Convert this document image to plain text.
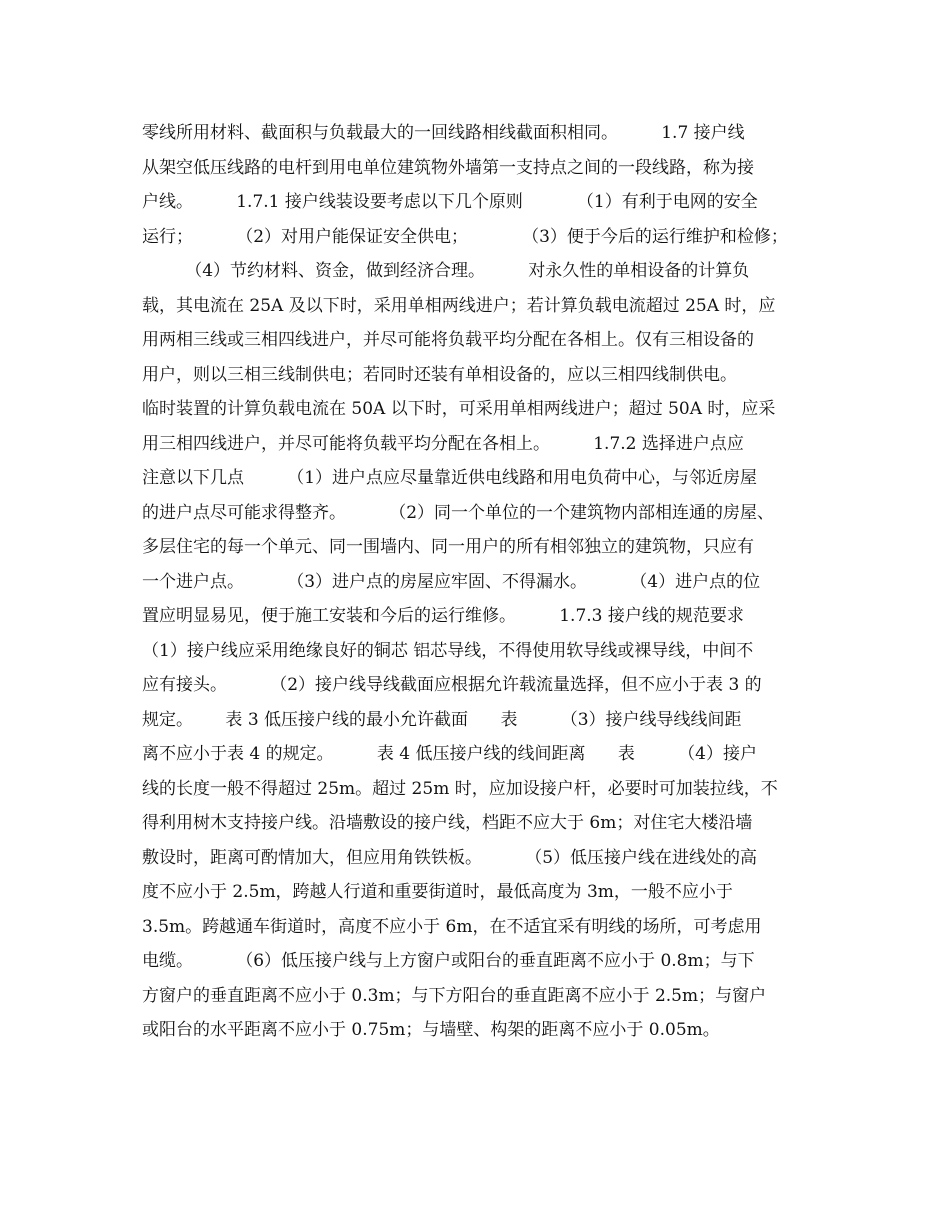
零线所用材料、截面积与负载最大的一回线路相线截面积相同。        1.7 接户线
从架空低压线路的电杆到用电单位建筑物外墙第一支持点之间的一段线路，称为接
户线。        1.7.1 接户线装设要考虑以下几个原则          （1）有利于电网的安全
运行；        （2）对用户能保证安全供电；          （3）便于今后的运行维护和检修；
（4）节约材料、资金，做到经济合理。        对永久性的单相设备的计算负
载，其电流在 25A 及以下时，采用单相两线进户；若计算负载电流超过 25A 时，应
用两相三线或三相四线进户，并尽可能将负载平均分配在各相上。仅有三相设备的
用户，则以三相三线制供电；若同时还装有单相设备的，应以三相四线制供电。
临时装置的计算负载电流在 50A 以下时，可采用单相两线进户；超过 50A 时，应采
用三相四线进户，并尽可能将负载平均分配在各相上。        1.7.2 选择进户点应
注意以下几点        （1）进户点应尽量靠近供电线路和用电负荷中心，与邻近房屋
的进户点尽可能求得整齐。        （2）同一个单位的一个建筑物内部相连通的房屋、
多层住宅的每一个单元、同一围墙内、同一用户的所有相邻独立的建筑物，只应有
一个进户点。        （3）进户点的房屋应牢固、不得漏水。        （4）进户点的位
置应明显易见，便于施工安装和今后的运行维修。        1.7.3 接户线的规范要求
（1）接户线应采用绝缘良好的铜芯 铝芯导线，不得使用软导线或裸导线，中间不
应有接头。        （2）接户线导线截面应根据允许载流量选择，但不应小于表 3 的
规定。      表 3 低压接户线的最小允许截面      表        （3）接户线导线线间距
离不应小于表 4 的规定。        表 4 低压接户线的线间距离      表        （4）接户
线的长度一般不得超过 25m。超过 25m 时，应加设接户杆，必要时可加装拉线，不
得利用树木支持接户线。沿墙敷设的接户线，档距不应大于 6m；对住宅大楼沿墙
敷设时，距离可酌情加大，但应用角铁铁板。        （5）低压接户线在进线处的高
度不应小于 2.5m，跨越人行道和重要街道时，最低高度为 3m，一般不应小于
3.5m。跨越通车街道时，高度不应小于 6m，在不适宜采有明线的场所，可考虑用
电缆。        （6）低压接户线与上方窗户或阳台的垂直距离不应小于 0.8m；与下
方窗户的垂直距离不应小于 0.3m；与下方阳台的垂直距离不应小于 2.5m；与窗户
或阳台的水平距离不应小于 0.75m；与墙壁、构架的距离不应小于 0.05m。
